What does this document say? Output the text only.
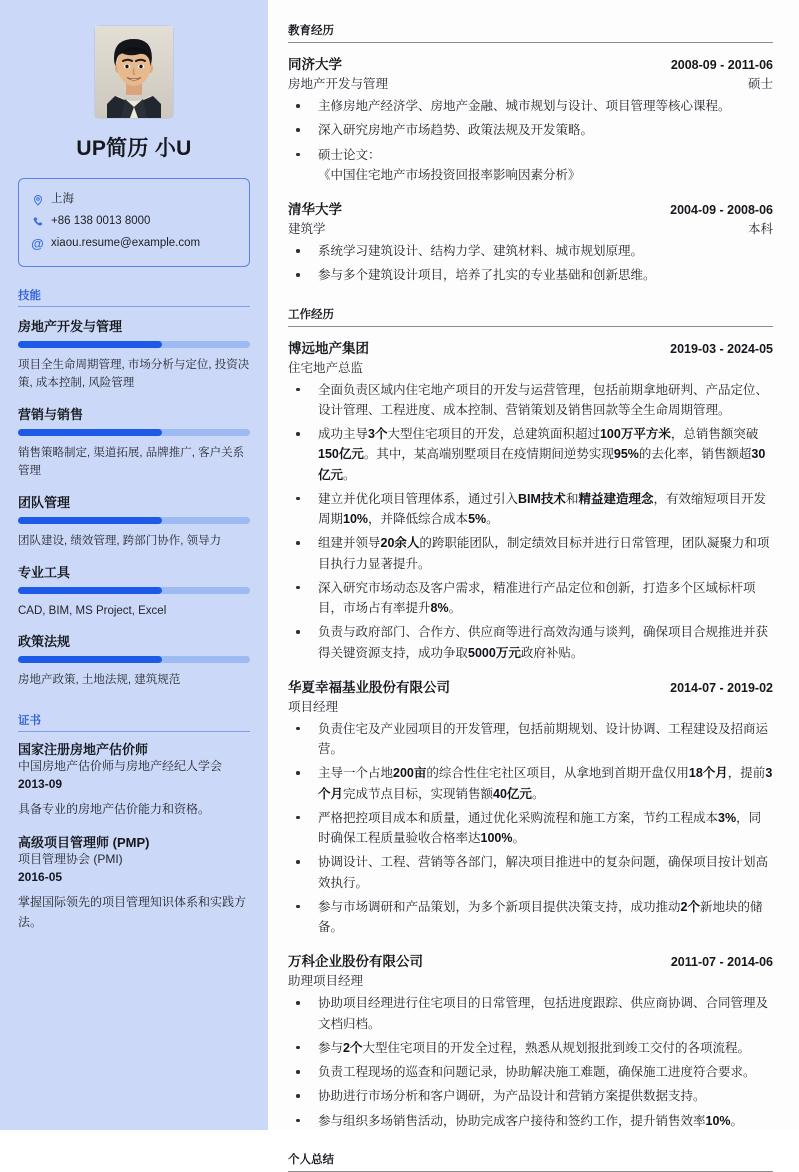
UP简历 小U
上海
+86 138 0013 8000
@ xiaou.resume@example.com
技能
房地产开发与管理
项目全生命周期管理, 市场分析与定位, 投资决策, 成本控制, 风险管理
营销与销售
销售策略制定, 渠道拓展, 品牌推广, 客户关系管理
团队管理
团队建设, 绩效管理, 跨部门协作, 领导力
专业工具
CAD, BIM, MS Project, Excel
政策法规
房地产政策, 土地法规, 建筑规范
证书
国家注册房地产估价师
中国房地产估价师与房地产经纪人学会
2013-09
具备专业的房地产估价能力和资格。
高级项目管理师 (PMP)
项目管理协会 (PMI)
2016-05
掌握国际领先的项目管理知识体系和实践方法。
教育经历
同济大学	2008-09 - 2011-06
房地产开发与管理	硕士
主修房地产经济学、房地产金融、城市规划与设计、项目管理等核心课程。
深入研究房地产市场趋势、政策法规及开发策略。
硕士论文：
《中国住宅地产市场投资回报率影响因素分析》
清华大学	2004-09 - 2008-06
建筑学	本科
系统学习建筑设计、结构力学、建筑材料、城市规划原理。
参与多个建筑设计项目，培养了扎实的专业基础和创新思维。
工作经历
博远地产集团	2019-03 - 2024-05
住宅地产总监
全面负责区域内住宅地产项目的开发与运营管理，包括前期拿地研判、产品定位、设计管理、工程进度、成本控制、营销策划及销售回款等全生命周期管理。
成功主导3个大型住宅项目的开发，总建筑面积超过100万平方米，总销售额突破150亿元。其中，某高端别墅项目在疫情期间逆势实现95%的去化率，销售额超30亿元。
建立并优化项目管理体系，通过引入BIM技术和精益建造理念，有效缩短项目开发周期10%，并降低综合成本5%。
组建并领导20余人的跨职能团队，制定绩效目标并进行日常管理，团队凝聚力和项目执行力显著提升。
深入研究市场动态及客户需求，精准进行产品定位和创新，打造多个区域标杆项目，市场占有率提升8%。
负责与政府部门、合作方、供应商等进行高效沟通与谈判，确保项目合规推进并获得关键资源支持，成功争取5000万元政府补贴。
华夏幸福基业股份有限公司	2014-07 - 2019-02
项目经理
负责住宅及产业园项目的开发管理，包括前期规划、设计协调、工程建设及招商运营。
主导一个占地200亩的综合性住宅社区项目，从拿地到首期开盘仅用18个月，提前3个月完成节点目标，实现销售额40亿元。
严格把控项目成本和质量，通过优化采购流程和施工方案，节约工程成本3%，同时确保工程质量验收合格率达100%。
协调设计、工程、营销等各部门，解决项目推进中的复杂问题，确保项目按计划高效执行。
参与市场调研和产品策划，为多个新项目提供决策支持，成功推动2个新地块的储备。
万科企业股份有限公司	2011-07 - 2014-06
助理项目经理
协助项目经理进行住宅项目的日常管理，包括进度跟踪、供应商协调、合同管理及文档归档。
参与2个大型住宅项目的开发全过程，熟悉从规划报批到竣工交付的各项流程。
负责工程现场的巡查和问题记录，协助解决施工难题，确保施工进度符合要求。
协助进行市场分析和客户调研，为产品设计和营销方案提供数据支持。
参与组织多场销售活动，协助完成客户接待和签约工作，提升销售效率10%。
个人总结
